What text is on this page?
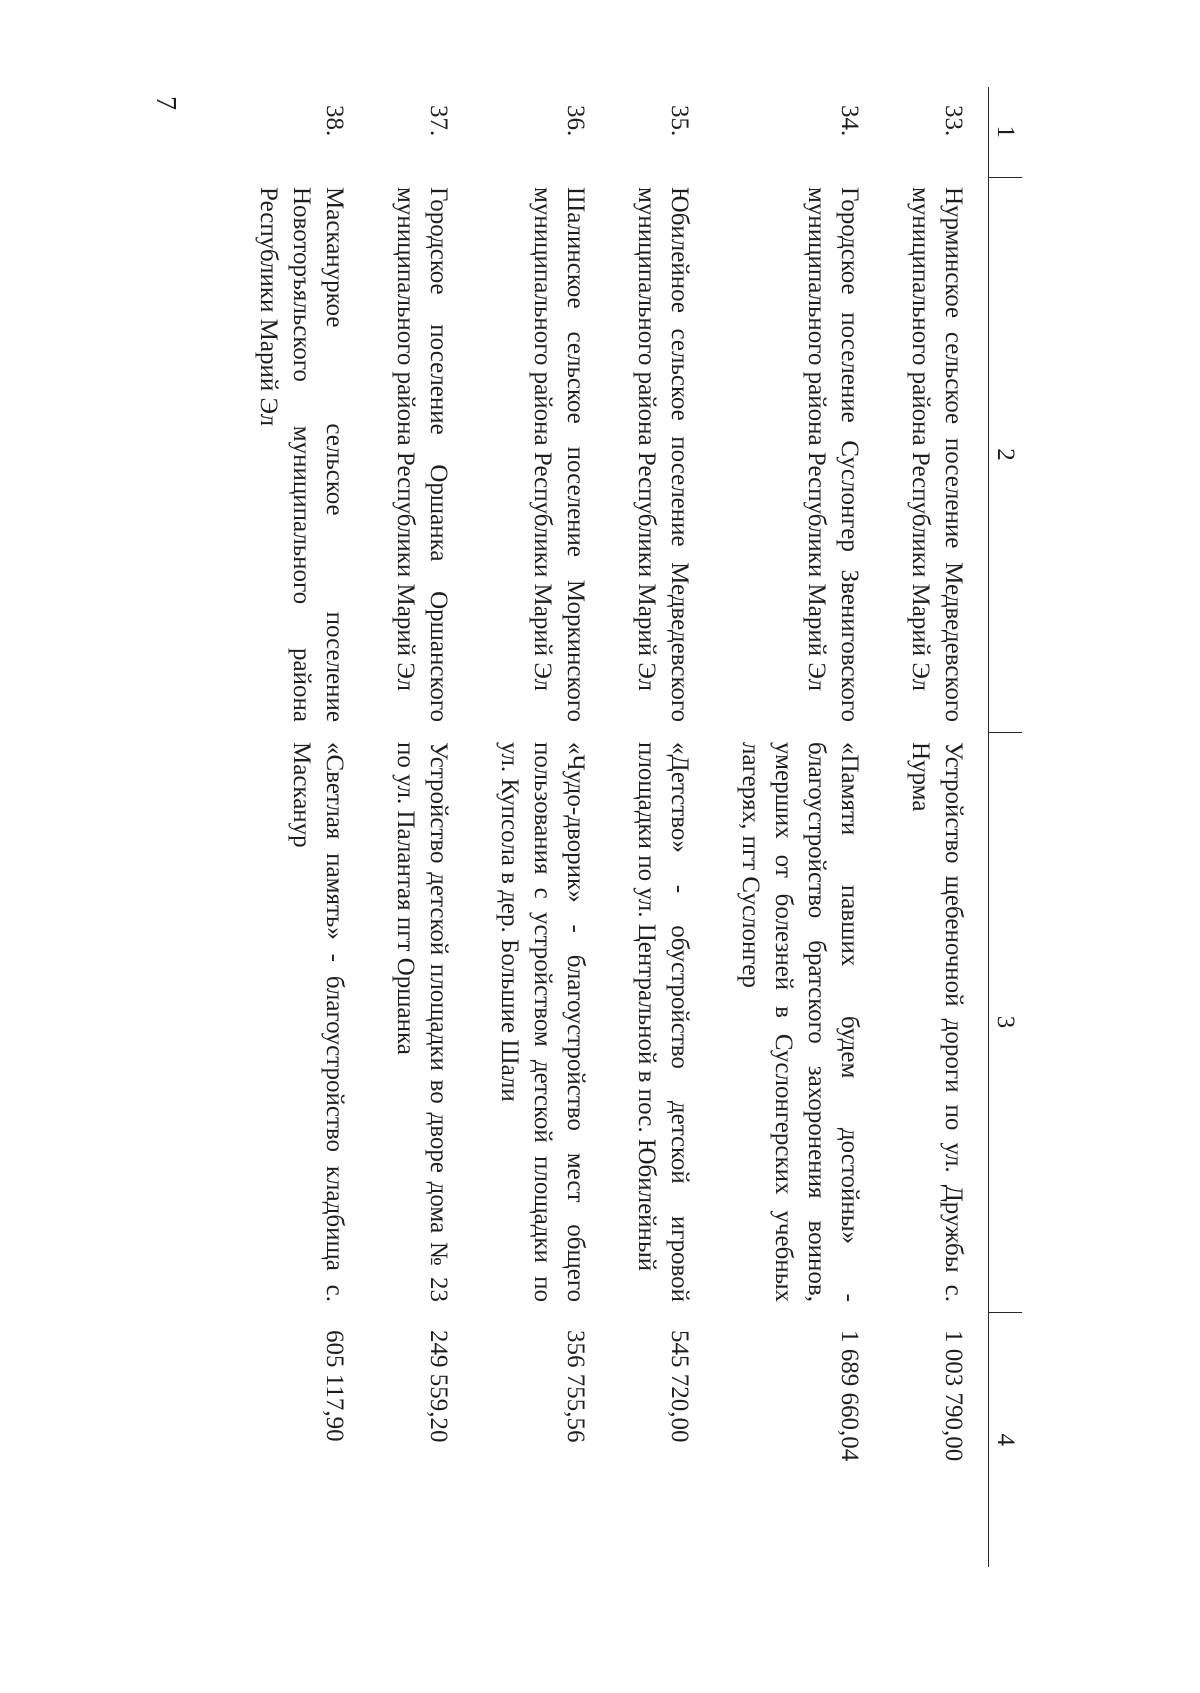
7
1	2	3	4
33.	Нурминское сельское поселение Медведевского муниципального района Республики Марий Эл	Устройство щебеночной дороги по ул. Дружбы с. Нурма	1 003 790,00
34.	Городское поселение Суслонгер Звениговского муниципального района Республики Марий Эл	«Памяти павших будем достойны» - благоустройство братского захоронения воинов, умерших от болезней в Суслонгерских учебных лагерях, пгт Суслонгер	1 689 660,04
35.	Юбилейное сельское поселение Медведевского муниципального района Республики Марий Эл	«Детство» - обустройство детской игровой площадки по ул. Центральной в пос. Юбилейный	545 720,00
36.	Шалинское сельское поселение Моркинского муниципального района Республики Марий Эл	«Чудо-дворик» - благоустройство мест общего пользования с устройством детской площадки по ул. Купсола в дер. Большие Шали	356 755,56
37.	Городское поселение Оршанка Оршанского муниципального района Республики Марий Эл	Устройство детской площадки во дворе дома № 23 по ул. Палантая пгт Оршанка	249 559,20
38.	Маскануркое сельское поселение Новоторъяльского муниципального района Республики Марий Эл	«Светлая память» - благоустройство кладбища с. Масканур	605 117,90
